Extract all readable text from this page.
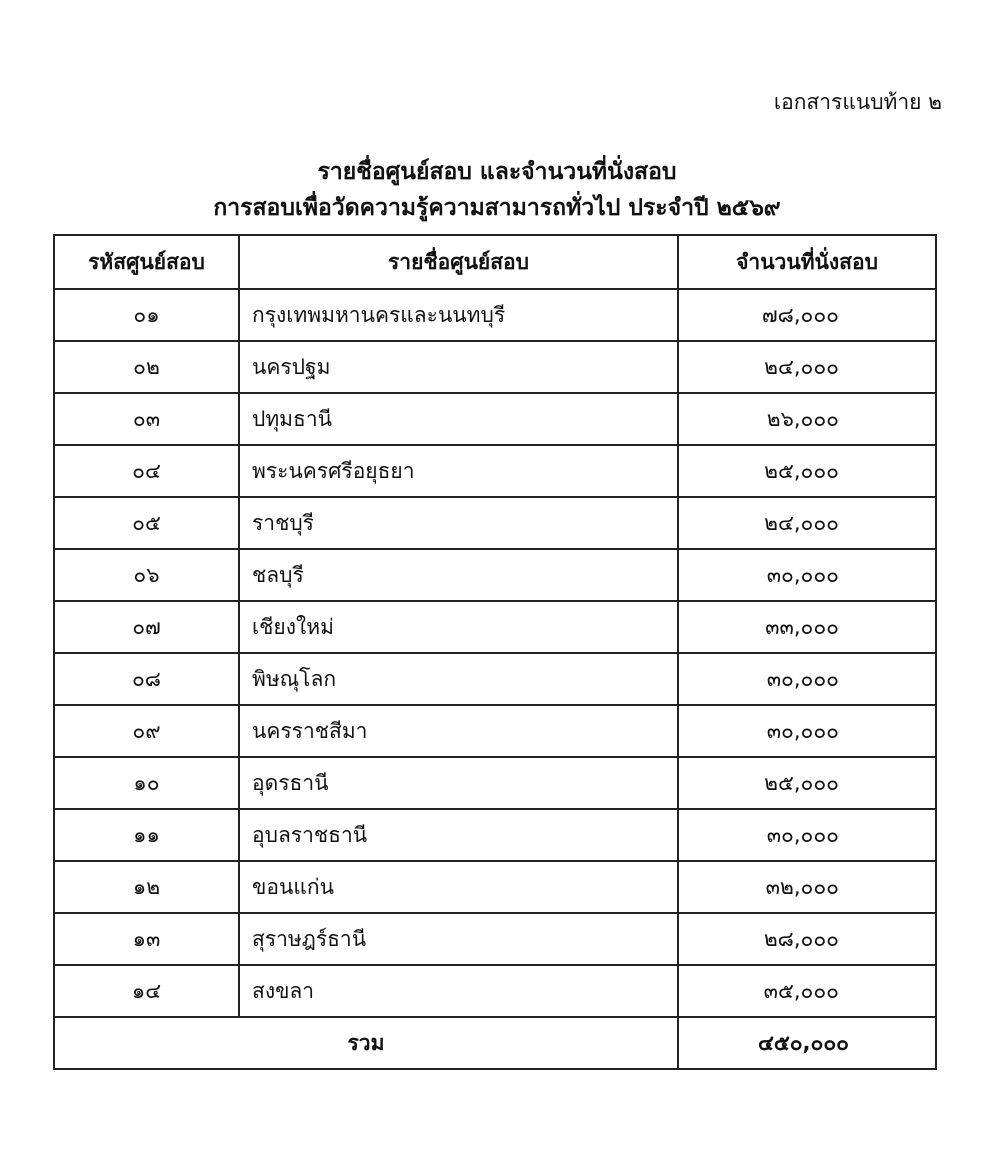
เอกสารแนบท้าย ๒
รายชื่อศูนย์สอบ และจำนวนที่นั่งสอบ
การสอบเพื่อวัดความรู้ความสามารถทั่วไป ประจำปี ๒๕๖๙
รหัสศูนย์สอบ	รายชื่อศูนย์สอบ	จำนวนที่นั่งสอบ
๐๑	กรุงเทพมหานครและนนทบุรี	๗๘,๐๐๐
๐๒	นครปฐม	๒๔,๐๐๐
๐๓	ปทุมธานี	๒๖,๐๐๐
๐๔	พระนครศรีอยุธยา	๒๕,๐๐๐
๐๕	ราชบุรี	๒๔,๐๐๐
๐๖	ชลบุรี	๓๐,๐๐๐
๐๗	เชียงใหม่	๓๓,๐๐๐
๐๘	พิษณุโลก	๓๐,๐๐๐
๐๙	นครราชสีมา	๓๐,๐๐๐
๑๐	อุดรธานี	๒๕,๐๐๐
๑๑	อุบลราชธานี	๓๐,๐๐๐
๑๒	ขอนแก่น	๓๒,๐๐๐
๑๓	สุราษฎร์ธานี	๒๘,๐๐๐
๑๔	สงขลา	๓๕,๐๐๐
รวม		๔๕๐,๐๐๐
